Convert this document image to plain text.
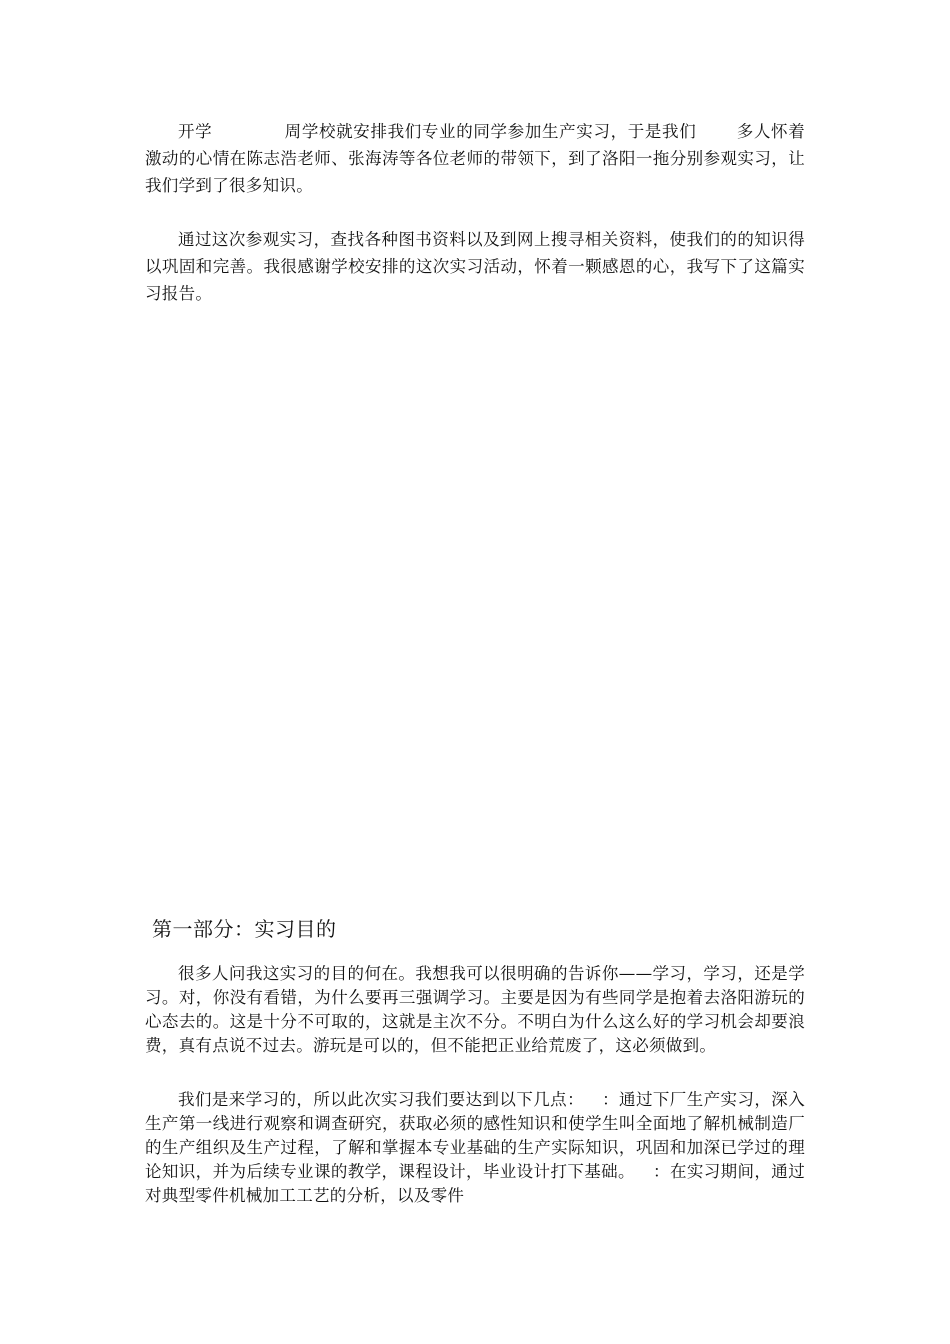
开学	周学校就安排我们专业的同学参加生产实习，于是我们 多人怀着激动的心情在陈志浩老师、张海涛等各位老师的带领下，到了洛阳一拖分别参观实习，让我们学到了很多知识。

通过这次参观实习，查找各种图书资料以及到网上搜寻相关资料，使我们的的知识得以巩固和完善。我很感谢学校安排的这次实习活动，怀着一颗感恩的心，我写下了这篇实习报告。

第一部分：实习目的

很多人问我这实习的目的何在。我想我可以很明确的告诉你——学习，学习，还是学习。对，你没有看错，为什么要再三强调学习。主要是因为有些同学是抱着去洛阳游玩的心态去的。这是十分不可取的，这就是主次不分。不明白为什么这么好的学习机会却要浪费，真有点说不过去。游玩是可以的，但不能把正业给荒废了，这必须做到。

我们是来学习的，所以此次实习我们要达到以下几点： ：通过下厂生产实习，深入生产第一线进行观察和调查研究，获取必须的感性知识和使学生叫全面地了解机械制造厂的生产组织及生产过程，了解和掌握本专业基础的生产实际知识，巩固和加深已学过的理论知识，并为后续专业课的教学，课程设计，毕业设计打下基础。 ：在实习期间，通过对典型零件机械加工工艺的分析，以及零件
